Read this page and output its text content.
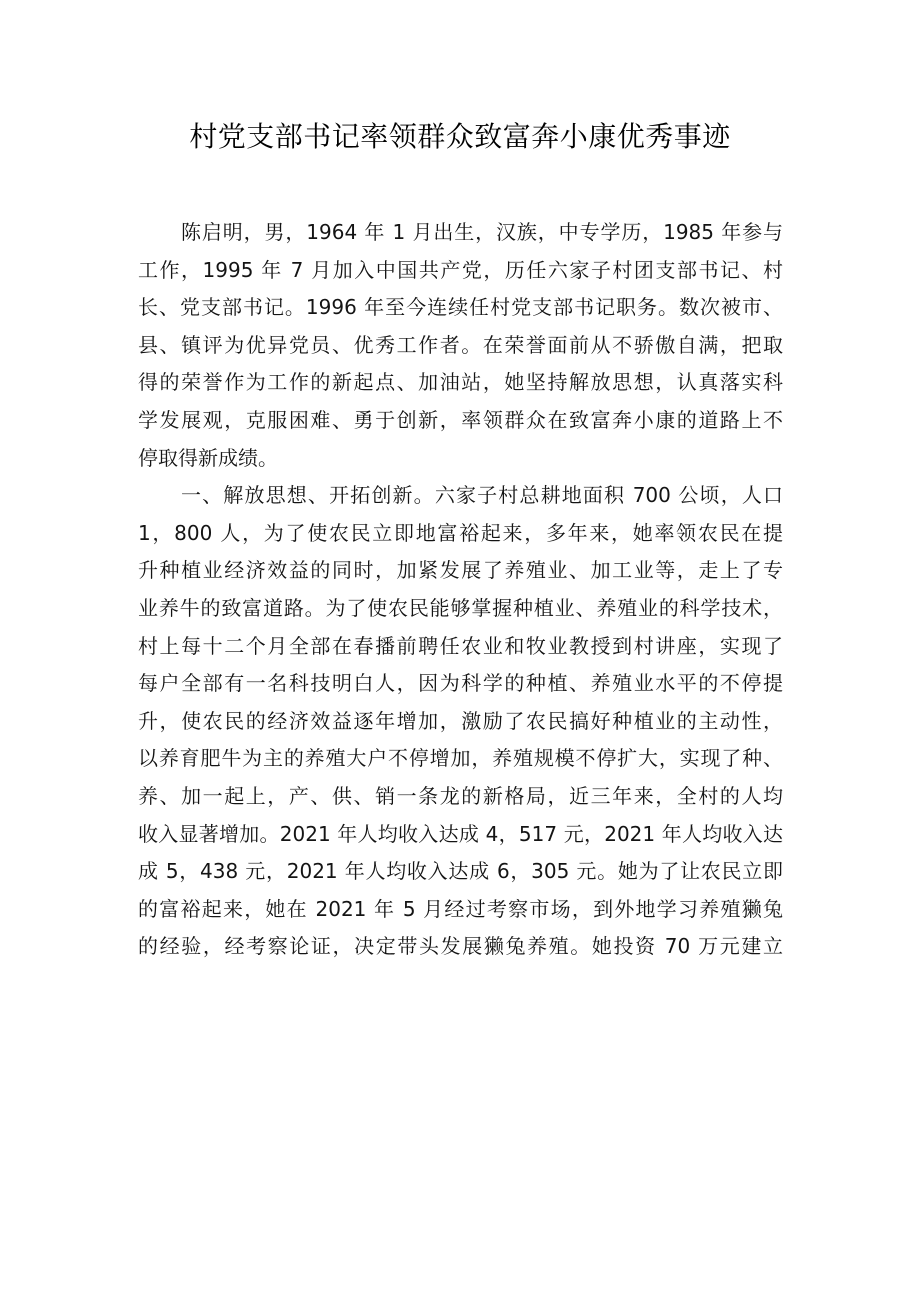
村党支部书记率领群众致富奔小康优秀事迹
陈启明，男，1964 年 1 月出生，汉族，中专学历，1985 年参与
工作，1995 年 7 月加入中国共产党，历任六家子村团支部书记、村
长、党支部书记。1996 年至今连续任村党支部书记职务。数次被市、
县、镇评为优异党员、优秀工作者。在荣誉面前从不骄傲自满，把取
得的荣誉作为工作的新起点、加油站，她坚持解放思想，认真落实科
学发展观，克服困难、勇于创新，率领群众在致富奔小康的道路上不
停取得新成绩。
一、解放思想、开拓创新。六家子村总耕地面积 700 公顷，人口
1，800 人，为了使农民立即地富裕起来，多年来，她率领农民在提
升种植业经济效益的同时，加紧发展了养殖业、加工业等，走上了专
业养牛的致富道路。为了使农民能够掌握种植业、养殖业的科学技术，
村上每十二个月全部在春播前聘任农业和牧业教授到村讲座，实现了
每户全部有一名科技明白人，因为科学的种植、养殖业水平的不停提
升，使农民的经济效益逐年增加，激励了农民搞好种植业的主动性，
以养育肥牛为主的养殖大户不停增加，养殖规模不停扩大，实现了种、
养、加一起上，产、供、销一条龙的新格局，近三年来，全村的人均
收入显著增加。2021 年人均收入达成 4，517 元，2021 年人均收入达
成 5，438 元，2021 年人均收入达成 6，305 元。她为了让农民立即
的富裕起来，她在 2021 年 5 月经过考察市场，到外地学习养殖獭兔
的经验，经考察论证，决定带头发展獭兔养殖。她投资 70 万元建立
